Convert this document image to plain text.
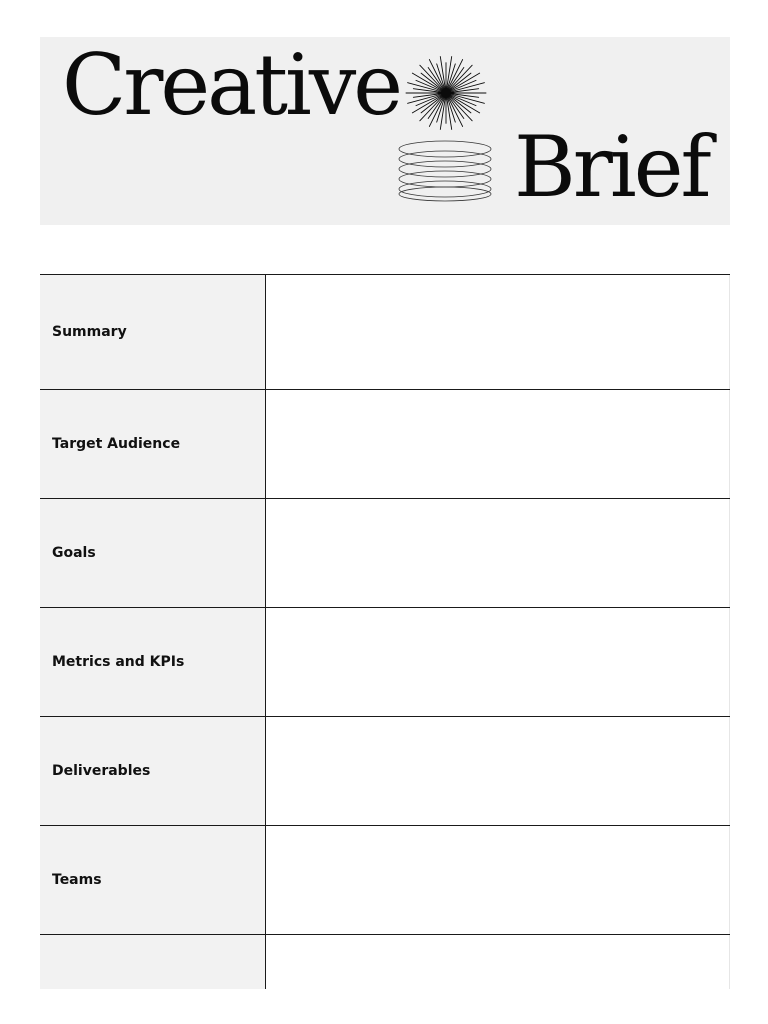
Creative
Brief
Summary
Target Audience
Goals
Metrics and KPIs
Deliverables
Teams
